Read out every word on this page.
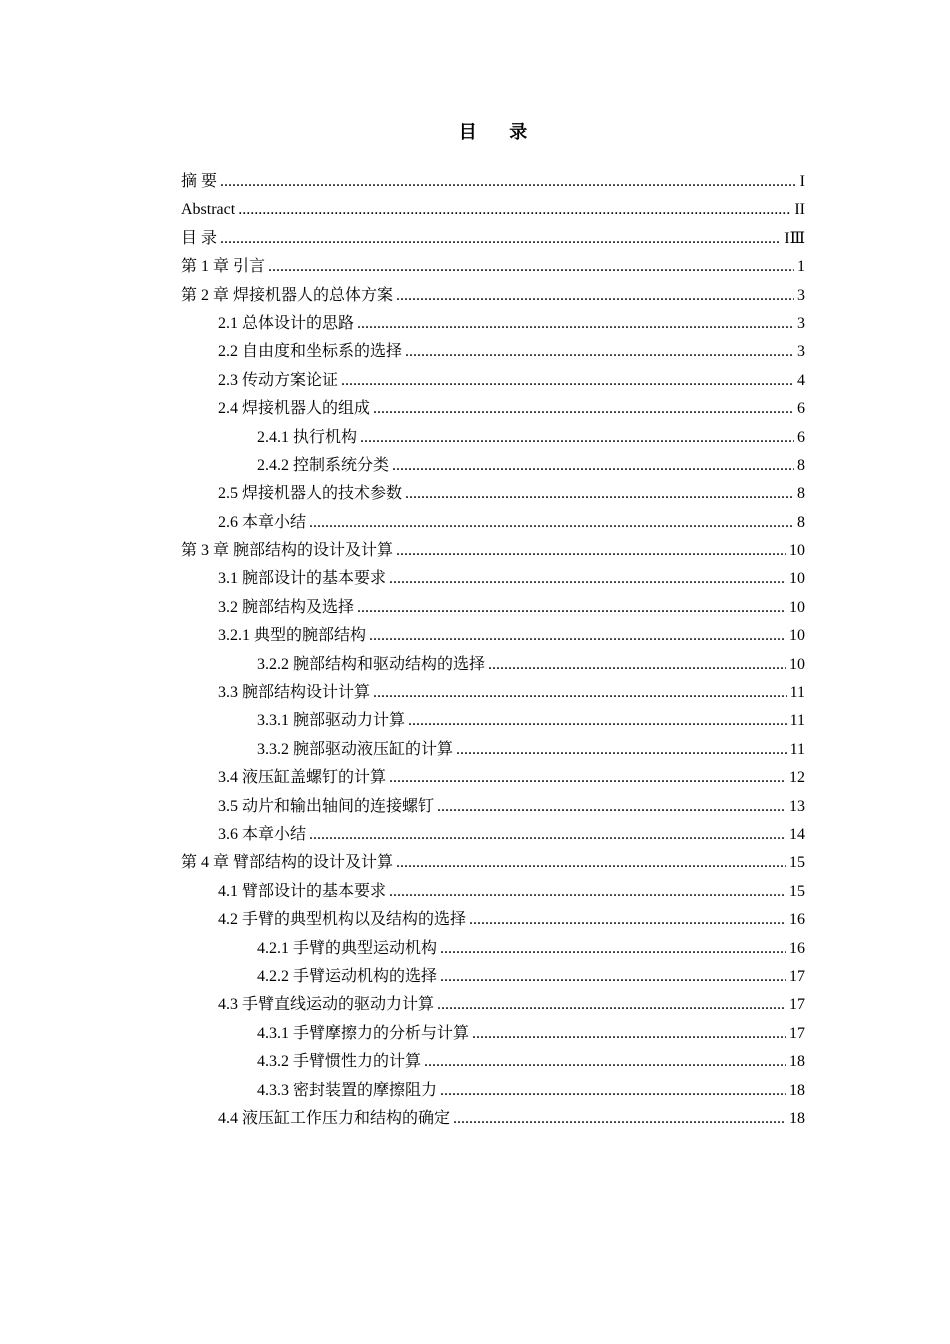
目 录
摘 要 .....	I
Abstract .....	II
目 录 .....	IⅢ
第 1 章 引言 .....	1
第 2 章 焊接机器人的总体方案 .....	3
2.1 总体设计的思路 .....	3
2.2 自由度和坐标系的选择 .....	3
2.3 传动方案论证 .....	4
2.4 焊接机器人的组成 .....	6
2.4.1 执行机构 .....	6
2.4.2 控制系统分类 .....	8
2.5 焊接机器人的技术参数 .....	8
2.6 本章小结 .....	8
第 3 章 腕部结构的设计及计算 .....	10
3.1 腕部设计的基本要求 .....	10
3.2 腕部结构及选择 .....	10
3.2.1 典型的腕部结构 .....	10
3.2.2 腕部结构和驱动结构的选择 .....	10
3.3 腕部结构设计计算 .....	11
3.3.1 腕部驱动力计算 .....	11
3.3.2 腕部驱动液压缸的计算 .....	11
3.4 液压缸盖螺钉的计算 .....	12
3.5 动片和输出轴间的连接螺钉 .....	13
3.6 本章小结 .....	14
第 4 章 臂部结构的设计及计算 .....	15
4.1 臂部设计的基本要求 .....	15
4.2 手臂的典型机构以及结构的选择 .....	16
4.2.1 手臂的典型运动机构 .....	16
4.2.2 手臂运动机构的选择 .....	17
4.3 手臂直线运动的驱动力计算 .....	17
4.3.1 手臂摩擦力的分析与计算 .....	17
4.3.2 手臂惯性力的计算 .....	18
4.3.3 密封装置的摩擦阻力 .....	18
4.4 液压缸工作压力和结构的确定 .....	18
